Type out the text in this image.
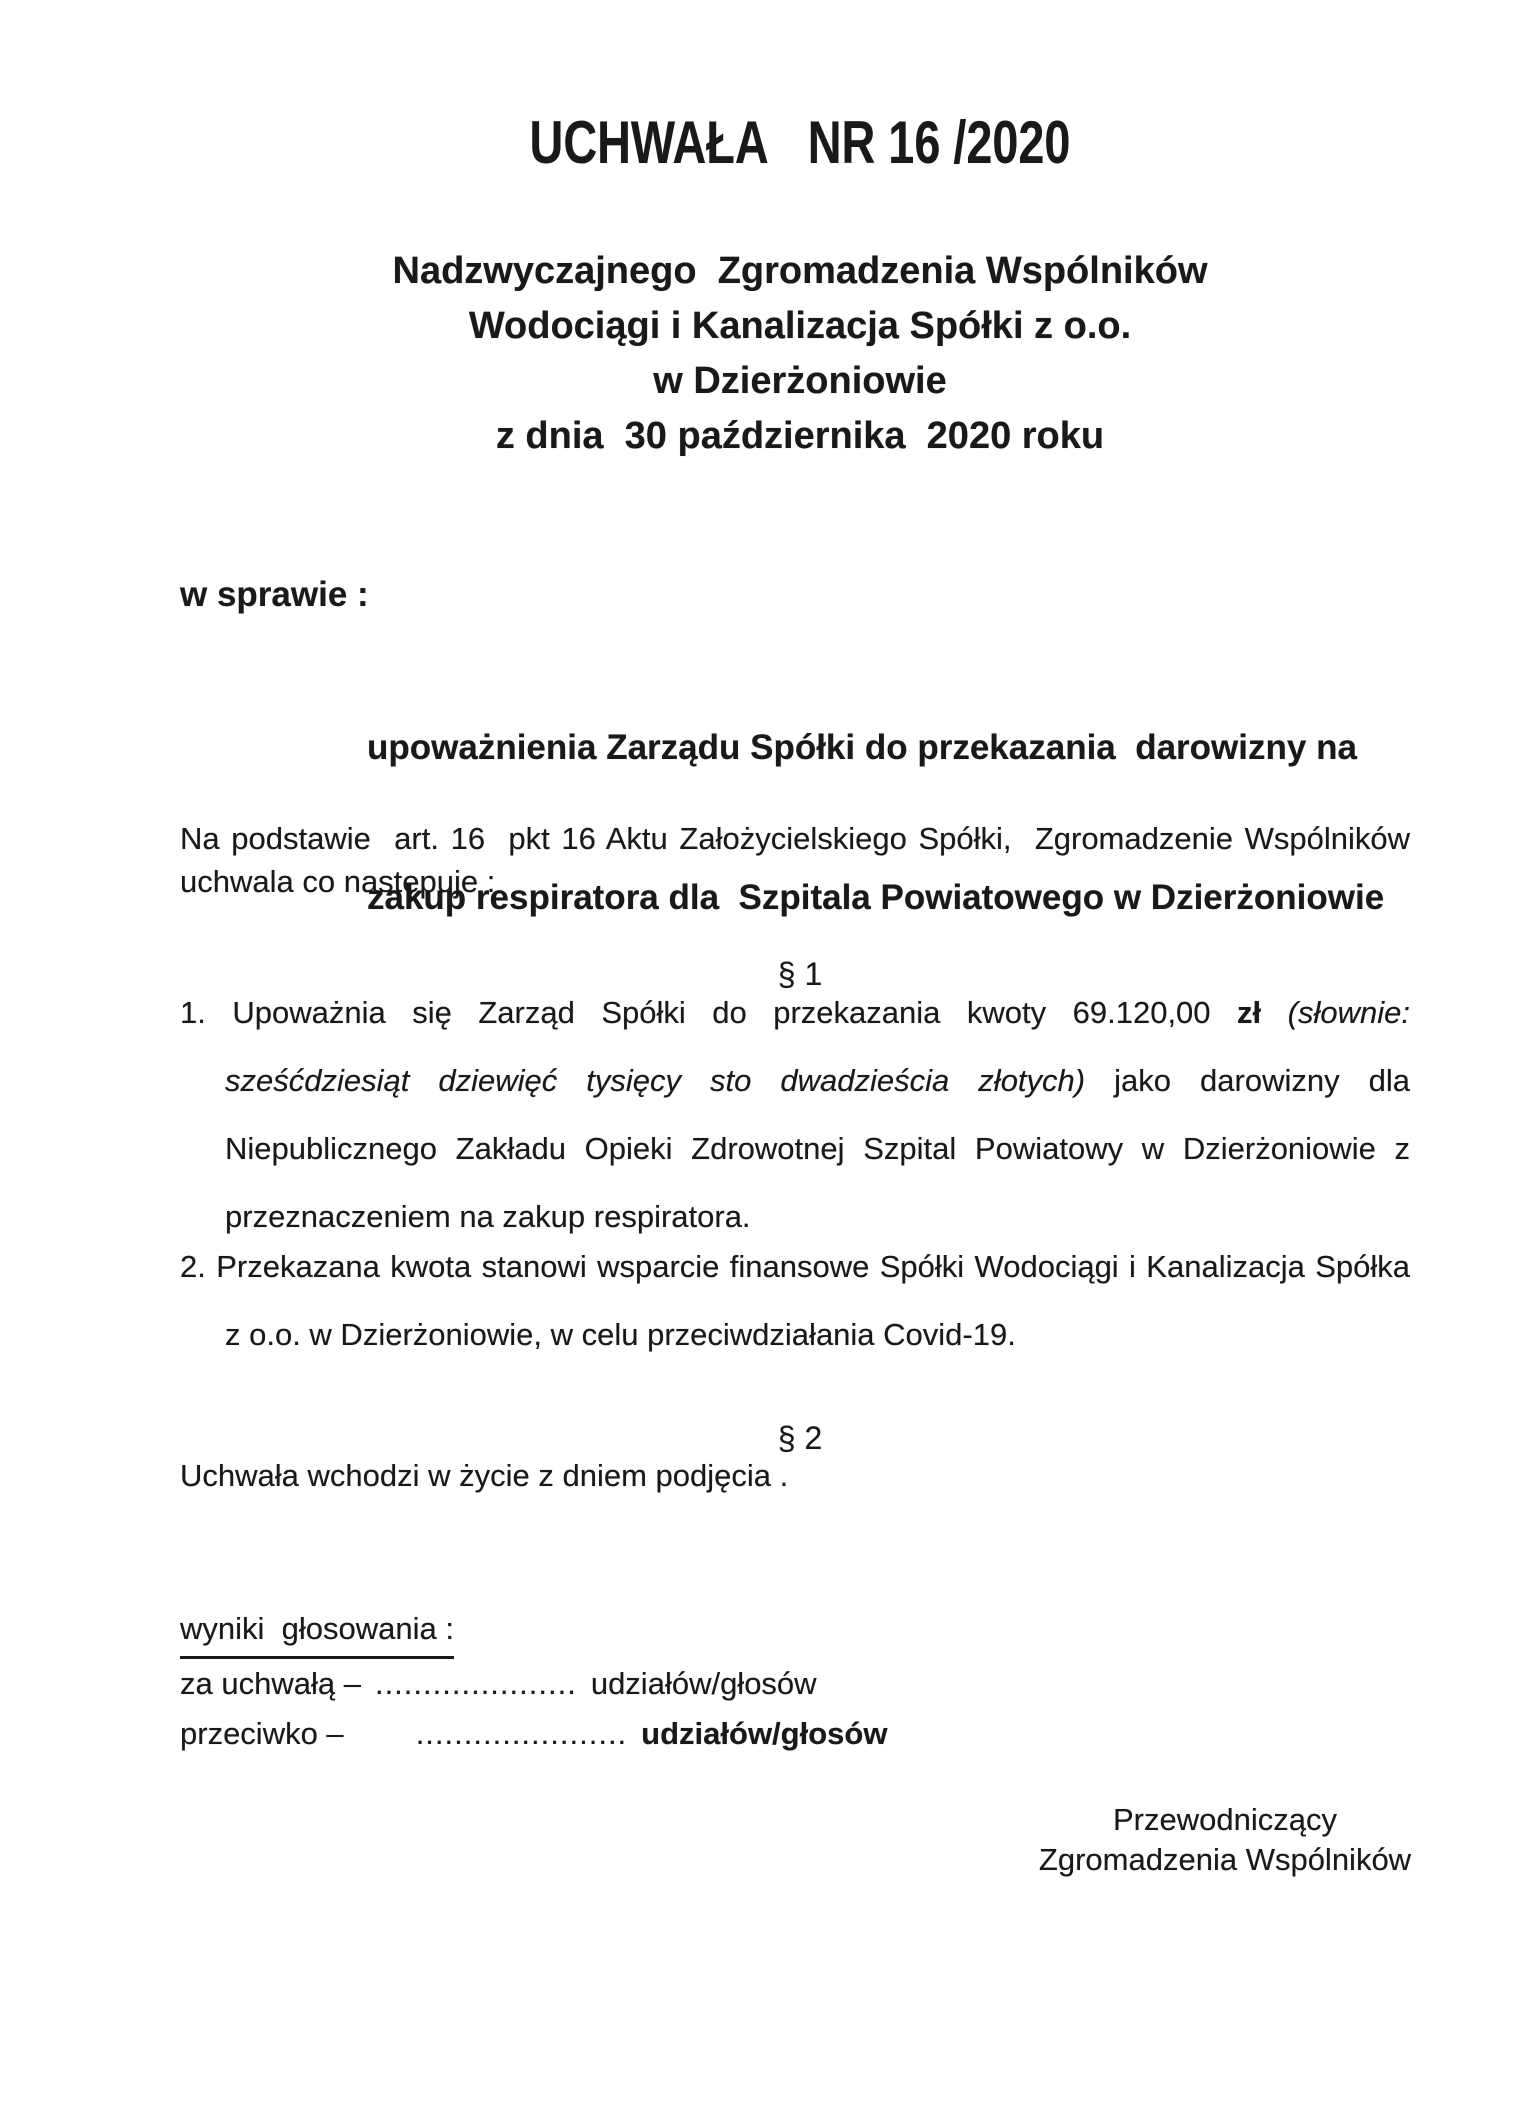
UCHWAŁA   NR 16 /2020
Nadzwyczajnego  Zgromadzenia Wspólników
Wodociągi i Kanalizacja Spółki z o.o.
w Dzierżoniowie
z dnia  30 października  2020 roku
w sprawie :

upoważnienia Zarządu Spółki do przekazania  darowizny na

zakup respiratora dla  Szpitala Powiatowego w Dzierżoniowie

Na podstawie  art. 16  pkt 16 Aktu Założycielskiego Spółki,  Zgromadzenie Wspólników
uchwala co następuje :
§ 1
1. Upoważnia się Zarząd Spółki do przekazania kwoty 69.120,00 zł (słownie:
sześćdziesiąt dziewięć tysięcy sto dwadzieścia złotych) jako darowizny dla
Niepublicznego Zakładu Opieki Zdrowotnej Szpital Powiatowy w Dzierżoniowie z
przeznaczeniem na zakup respiratora.
2. Przekazana kwota stanowi wsparcie finansowe Spółki Wodociągi i Kanalizacja Spółka
z o.o. w Dzierżoniowie, w celu przeciwdziałania Covid-19.
§ 2
Uchwała wchodzi w życie z dniem podjęcia .
wyniki  głosowania :
za uchwałą – ..................... udziałów/głosów
przeciwko – ...................... udziałów/głosów
Przewodniczący
Zgromadzenia Wspólników
